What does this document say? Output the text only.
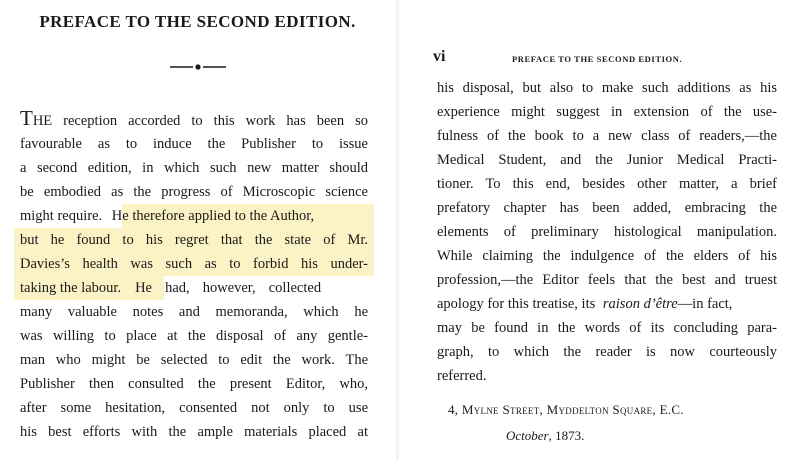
PREFACE TO THE SECOND EDITION.
THE reception accorded to this work has been so
favourable as to induce the Publisher to issue
a second edition, in which such new matter should
be embodied as the progress of Microscopic science
might require. He therefore applied to the Author,
but he found to his regret that the state of Mr.
Davies’s health was such as to forbid his under-
taking the labour. He had, however, collected
many valuable notes and memoranda, which he
was willing to place at the disposal of any gentle-
man who might be selected to edit the work. The
Publisher then consulted the present Editor, who,
after some hesitation, consented not only to use
his best efforts with the ample materials placed at
vi	PREFACE TO THE SECOND EDITION.
his disposal, but also to make such additions as his
experience might suggest in extension of the use-
fulness of the book to a new class of readers,—the
Medical Student, and the Junior Medical Practi-
tioner. To this end, besides other matter, a brief
prefatory chapter has been added, embracing the
elements of preliminary histological manipulation.
While claiming the indulgence of the elders of his
profession,—the Editor feels that the best and truest
apology for this treatise, its raison d’être—in fact,
may be found in the words of its concluding para-
graph, to which the reader is now courteously
referred.
4, Mylne Street, Myddelton Square, E.C.
October, 1873.
